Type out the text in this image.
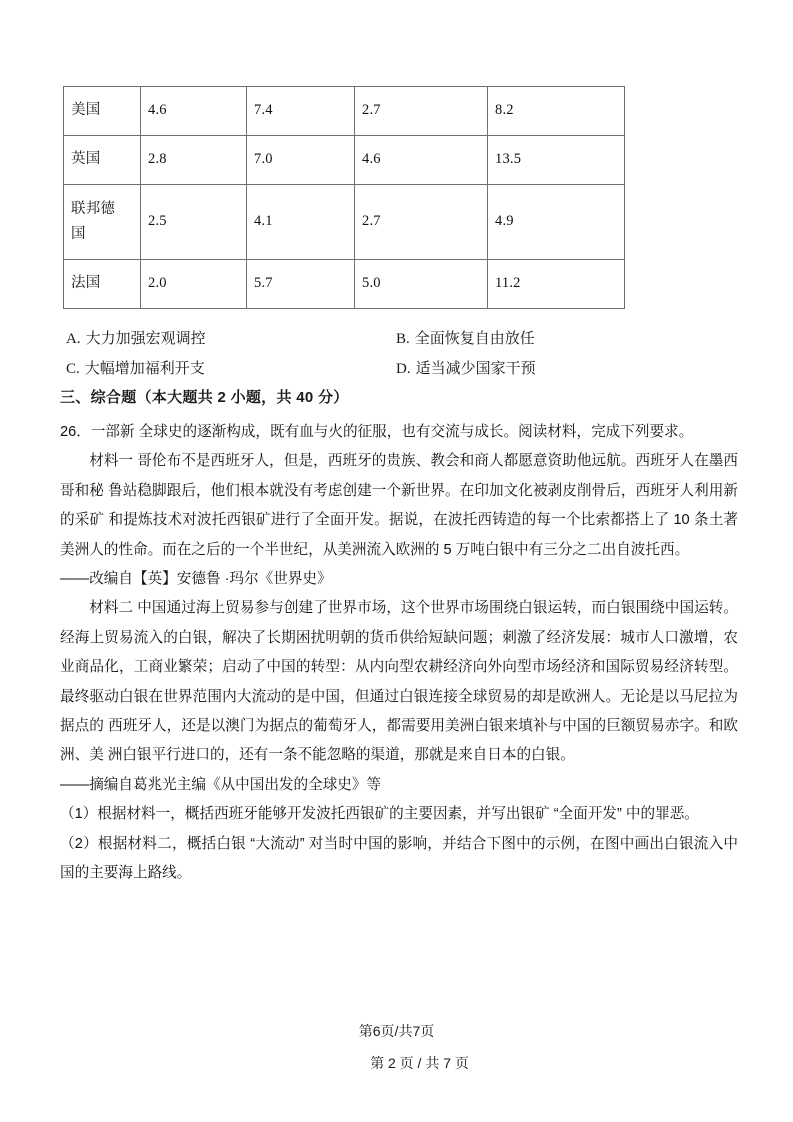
美国	4.6	7.4	2.7	8.2
英国	2.8	7.0	4.6	13.5

联邦德国	2.5	4.1	2.7	4.9
法国	2.0	5.7	5.0	11.2
A. 大力加强宏观调控	B. 全面恢复自由放任
C. 大幅增加福利开支	D. 适当减少国家干预
三、综合题（本大题共 2 小题，共 40 分）

26．一部新 全球史的逐渐构成，既有血与火的征服，也有交流与成长。阅读材料，完成下列要求。

材料一 哥伦布不是西班牙人，但是，西班牙的贵族、教会和商人都愿意资助他远航。西班牙人在墨西哥和秘 鲁站稳脚跟后，他们根本就没有考虑创建一个新世界。在印加文化被剥皮削骨后，西班牙人利用新的采矿 和提炼技术对波托西银矿进行了全面开发。据说，在波托西铸造的每一个比索都搭上了 10 条土著美洲人的性命。而在之后的一个半世纪，从美洲流入欧洲的 5 万吨白银中有三分之二出自波托西。

——改编自【英】安德鲁 ·玛尔《世界史》

材料二 中国通过海上贸易参与创建了世界市场，这个世界市场围绕白银运转，而白银围绕中国运转。经海上贸易流入的白银，解决了长期困扰明朝的货币供给短缺问题；刺激了经济发展：城市人口激增，农业商品化，工商业繁荣；启动了中国的转型：从内向型农耕经济向外向型市场经济和国际贸易经济转型。最终驱动白银在世界范围内大流动的是中国，但通过白银连接全球贸易的却是欧洲人。无论是以马尼拉为据点的 西班牙人，还是以澳门为据点的葡萄牙人，都需要用美洲白银来填补与中国的巨额贸易赤字。和欧洲、美 洲白银平行进口的，还有一条不能忽略的渠道，那就是来自日本的白银。

——摘编自葛兆光主编《从中国出发的全球史》等

（1）根据材料一，概括西班牙能够开发波托西银矿的主要因素，并写出银矿 “全面开发” 中的罪恶。

（2）根据材料二，概括白银 “大流动” 对当时中国的影响，并结合下图中的示例，在图中画出白银流入中国的主要海上路线。

第6页/共7页
第 2 页 / 共 7 页
